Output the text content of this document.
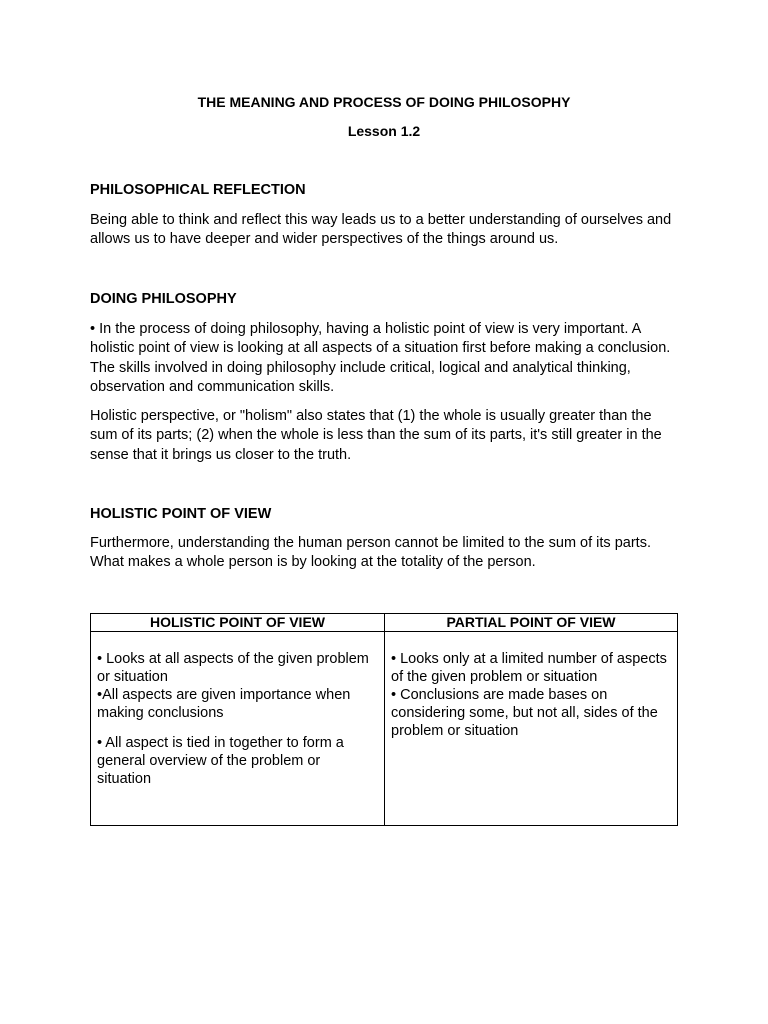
THE MEANING AND PROCESS OF DOING PHILOSOPHY

Lesson 1.2

PHILOSOPHICAL REFLECTION

Being able to think and reflect this way leads us to a better understanding of ourselves and allows us to have deeper and wider perspectives of the things around us.

DOING PHILOSOPHY

• In the process of doing philosophy, having a holistic point of view is very important. A holistic point of view is looking at all aspects of a situation first before making a conclusion. The skills involved in doing philosophy include critical, logical and analytical thinking, observation and communication skills.

Holistic perspective, or "holism" also states that (1) the whole is usually greater than the sum of its parts; (2) when the whole is less than the sum of its parts, it's still greater in the sense that it brings us closer to the truth.

HOLISTIC POINT OF VIEW

Furthermore, understanding the human person cannot be limited to the sum of its parts. What makes a whole person is by looking at the totality of the person.

HOLISTIC POINT OF VIEW	PARTIAL POINT OF VIEW

• Looks at all aspects of the given problem or situation

•All aspects are given importance when making conclusions

• All aspect is tied in together to form a general overview of the problem or situation

• Looks only at a limited number of aspects of the given problem or situation

• Conclusions are made bases on considering some, but not all, sides of the problem or situation
